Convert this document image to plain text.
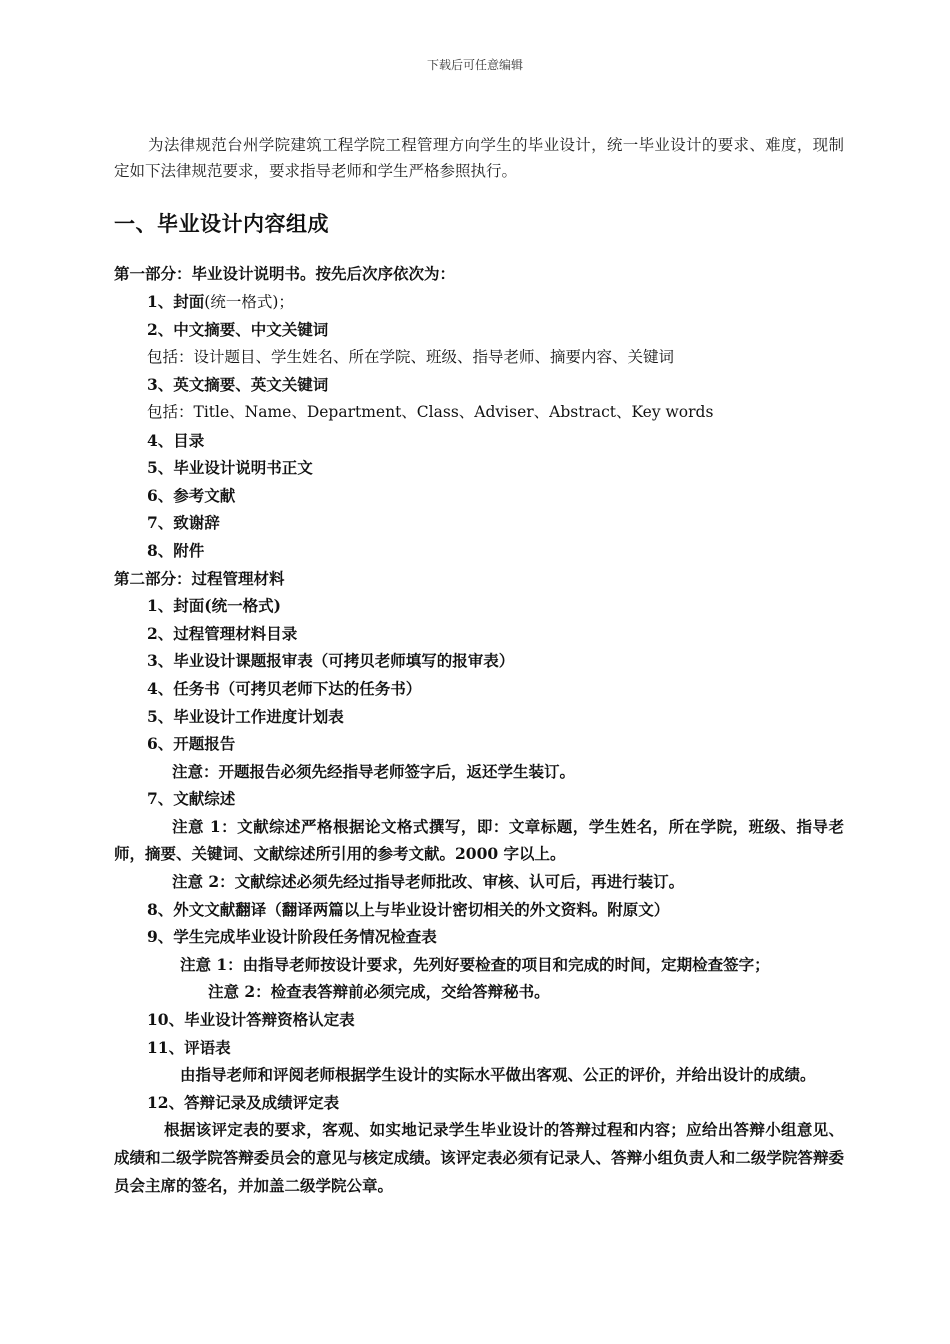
下载后可任意编辑

为法律规范台州学院建筑工程学院工程管理方向学生的毕业设计，统一毕业设计的要求、难度，现制定如下法律规范要求，要求指导老师和学生严格参照执行。

一、毕业设计内容组成

第一部分：毕业设计说明书。按先后次序依次为：

1、封面(统一格式)；

2、中文摘要、中文关键词

包括：设计题目、学生姓名、所在学院、班级、指导老师、摘要内容、关键词

3、英文摘要、英文关键词

包括：Title、Name、Department、Class、Adviser、Abstract、Key words

4、目录

5、毕业设计说明书正文

6、参考文献

7、致谢辞

8、附件

第二部分：过程管理材料

1、封面(统一格式)

2、过程管理材料目录

3、毕业设计课题报审表（可拷贝老师填写的报审表）

4、任务书（可拷贝老师下达的任务书）

5、毕业设计工作进度计划表

6、开题报告

注意：开题报告必须先经指导老师签字后，返还学生装订。

7、文献综述

注意 1：文献综述严格根据论文格式撰写，即：文章标题，学生姓名，所在学院，班级、指导老师，摘要、关键词、文献综述所引用的参考文献。2000 字以上。

注意 2：文献综述必须先经过指导老师批改、审核、认可后，再进行装订。

8、外文文献翻译（翻译两篇以上与毕业设计密切相关的外文资料。附原文）

9、学生完成毕业设计阶段任务情况检查表

注意 1：由指导老师按设计要求，先列好要检查的项目和完成的时间，定期检查签字；

注意 2：检查表答辩前必须完成，交给答辩秘书。

10、毕业设计答辩资格认定表

11、评语表

由指导老师和评阅老师根据学生设计的实际水平做出客观、公正的评价，并给出设计的成绩。

12、答辩记录及成绩评定表

根据该评定表的要求，客观、如实地记录学生毕业设计的答辩过程和内容；应给出答辩小组意见、成绩和二级学院答辩委员会的意见与核定成绩。该评定表必须有记录人、答辩小组负责人和二级学院答辩委员会主席的签名，并加盖二级学院公章。
